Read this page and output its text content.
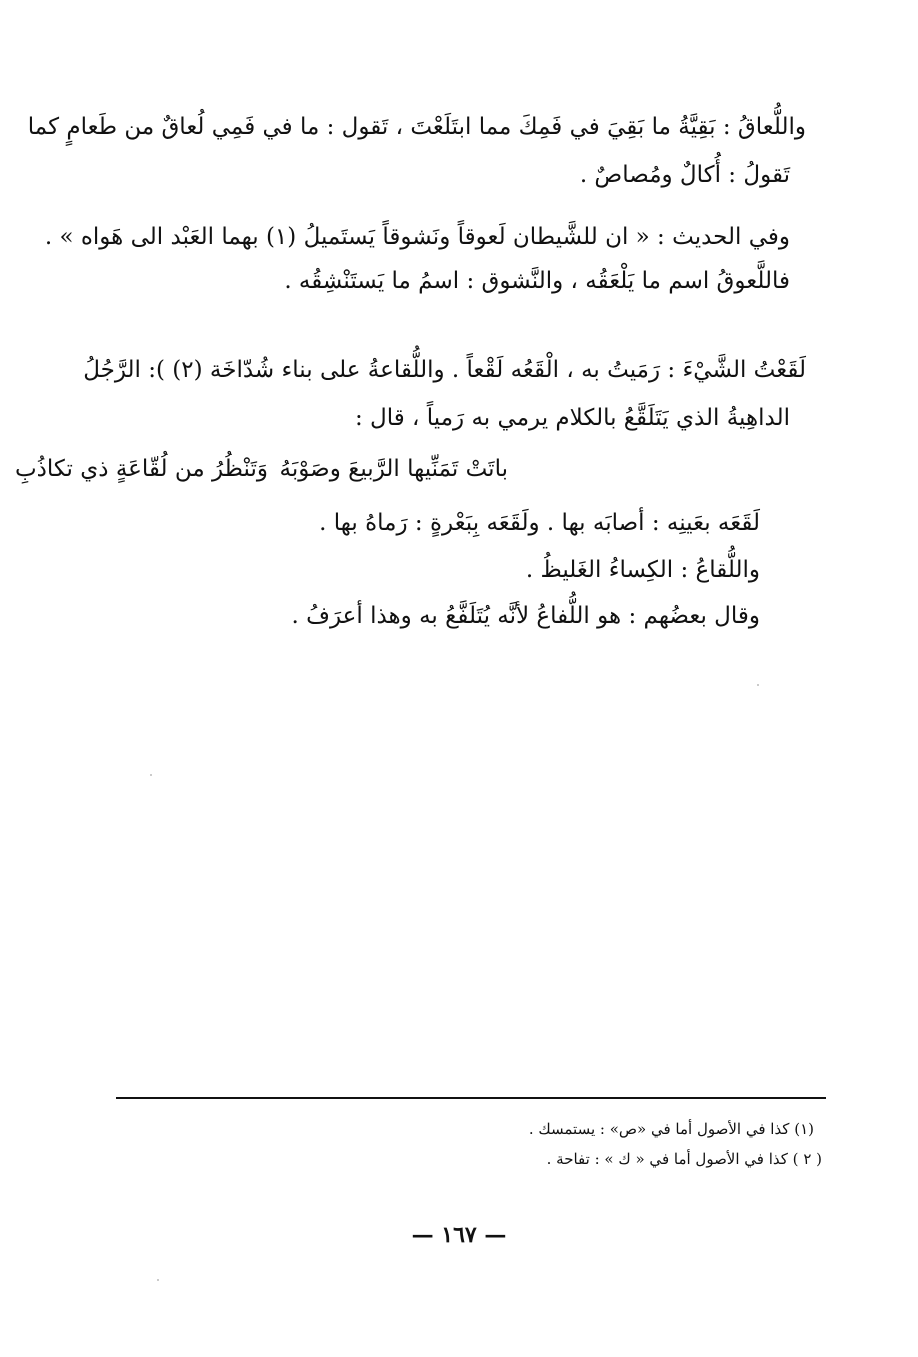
واللُّعاقُ : بَقِيَّةُ ما بَقِيَ في فَمِكَ مما ابتَلَعْتَ ، تَقول : ما في فَمِي لُعاقٌ من طَعامٍ كما
تَقولُ : أُكالٌ ومُصاصٌ .
وفي الحديث : « ان للشَّيطان لَعوقاً ونَشوقاً يَستَميلُ (١) بهما العَبْد الى هَواه » .
فاللَّعوقُ اسم ما يَلْعَقُه ، والنَّشوق : اسمُ ما يَستَنْشِقُه .
لَقَعْتُ الشَّيْءَ : رَمَيتُ به ، الْقَعُه لَقْعاً . واللُّقاعةُ على بناء شُدّاخَة (٢) ): الرَّجُلُ
الداهِيةُ الذي يَتَلَقَّعُ بالكلام يرمي به رَمياً ، قال :
باتَتْ تَمَنِّيها الرَّبيعَ وصَوْبَهُ
وَتَنْظُرُ من لُقّاعَةٍ ذي تكاذُبِ
لَقَعَه بعَينِه : أصابَه بها . ولَقَعَه بِبَعْرةٍ : رَماهُ بها .
واللُّقاعُ : الكِساءُ الغَليظُ .
وقال بعضُهم : هو اللُّفاعُ لأنَّه يُتَلَفَّعُ به وهذا أعرَفُ .
(١) كذا في الأصول أما في «ص» : يستمسك .
( ٢ ) كذا في الأصول أما في « ك » : تفاحة .
— ١٦٧ —
